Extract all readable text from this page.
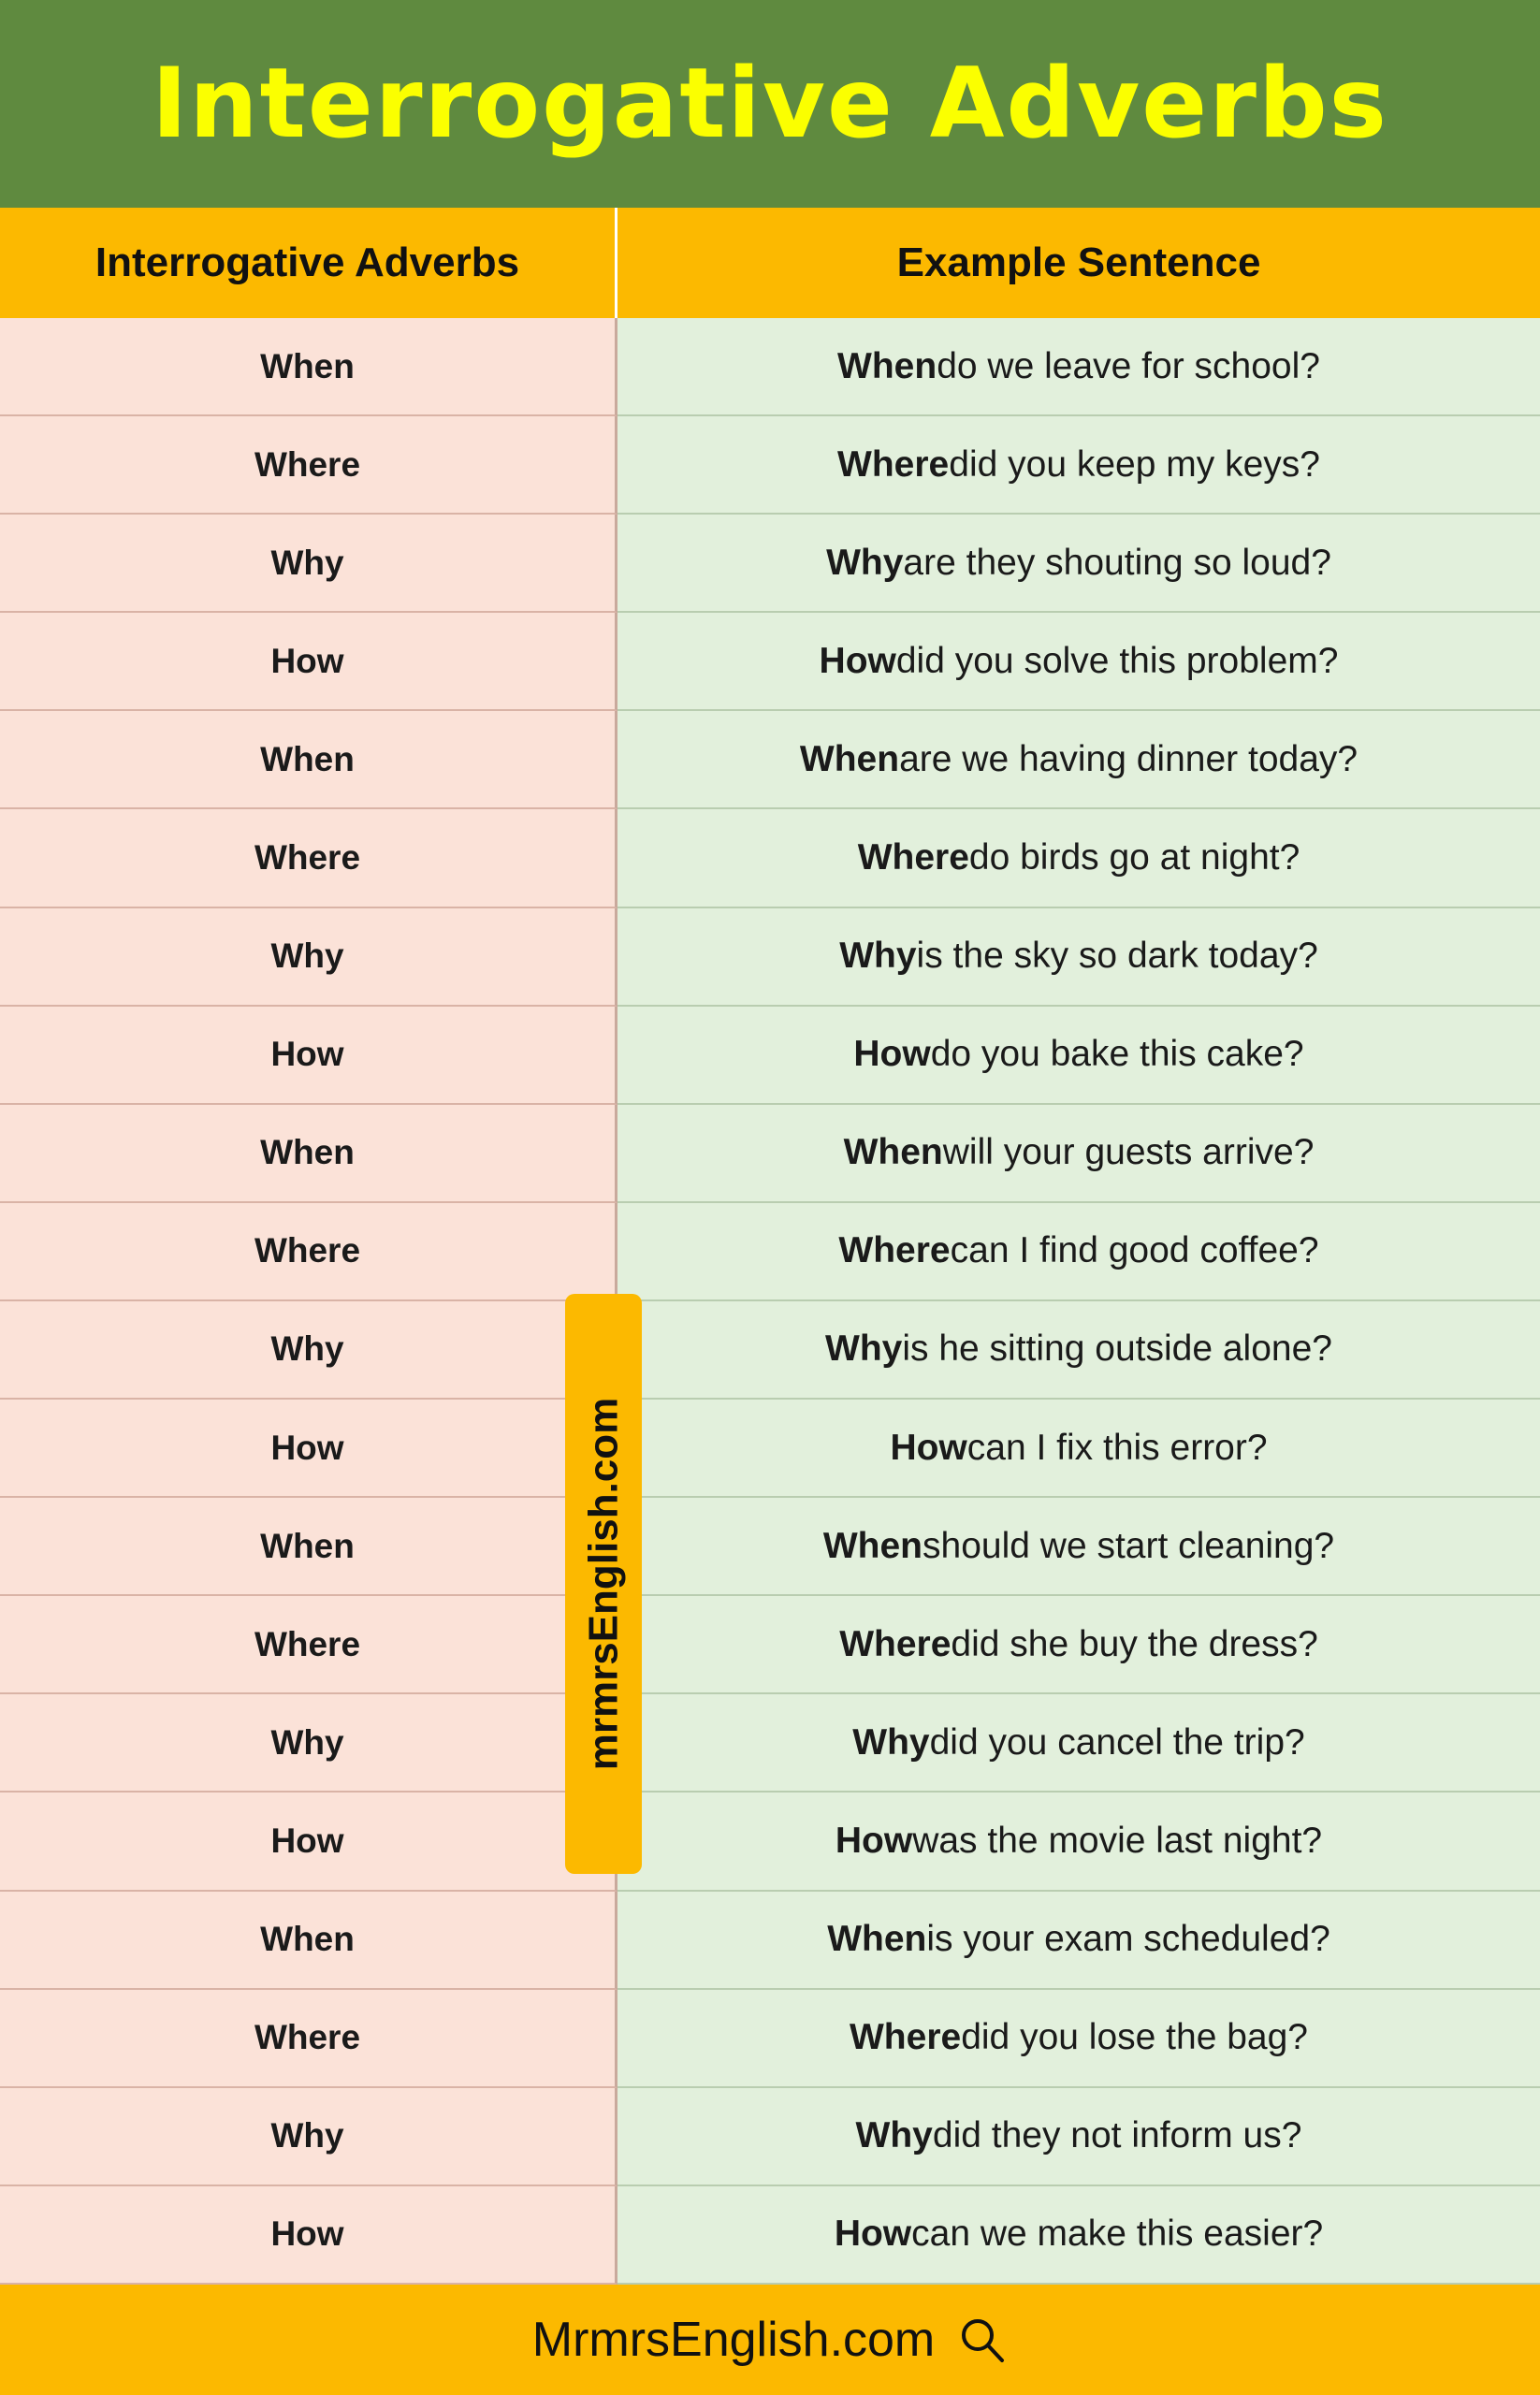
Interrogative Adverbs
Interrogative Adverbs	Example Sentence
When	When do we leave for school?
Where	Where did you keep my keys?
Why	Why are they shouting so loud?
How	How did you solve this problem?
When	When are we having dinner today?
Where	Where do birds go at night?
Why	Why is the sky so dark today?
How	How do you bake this cake?
When	When will your guests arrive?
Where	Where can I find good coffee?
Why	Why is he sitting outside alone?
How	How can I fix this error?
When	When should we start cleaning?
Where	Where did she buy the dress?
Why	Why did you cancel the trip?
How	How was the movie last night?
When	When is your exam scheduled?
Where	Where did you lose the bag?
Why	Why did they not inform us?
How	How can we make this easier?
mrmrsEnglish.com
MrmrsEnglish.com
